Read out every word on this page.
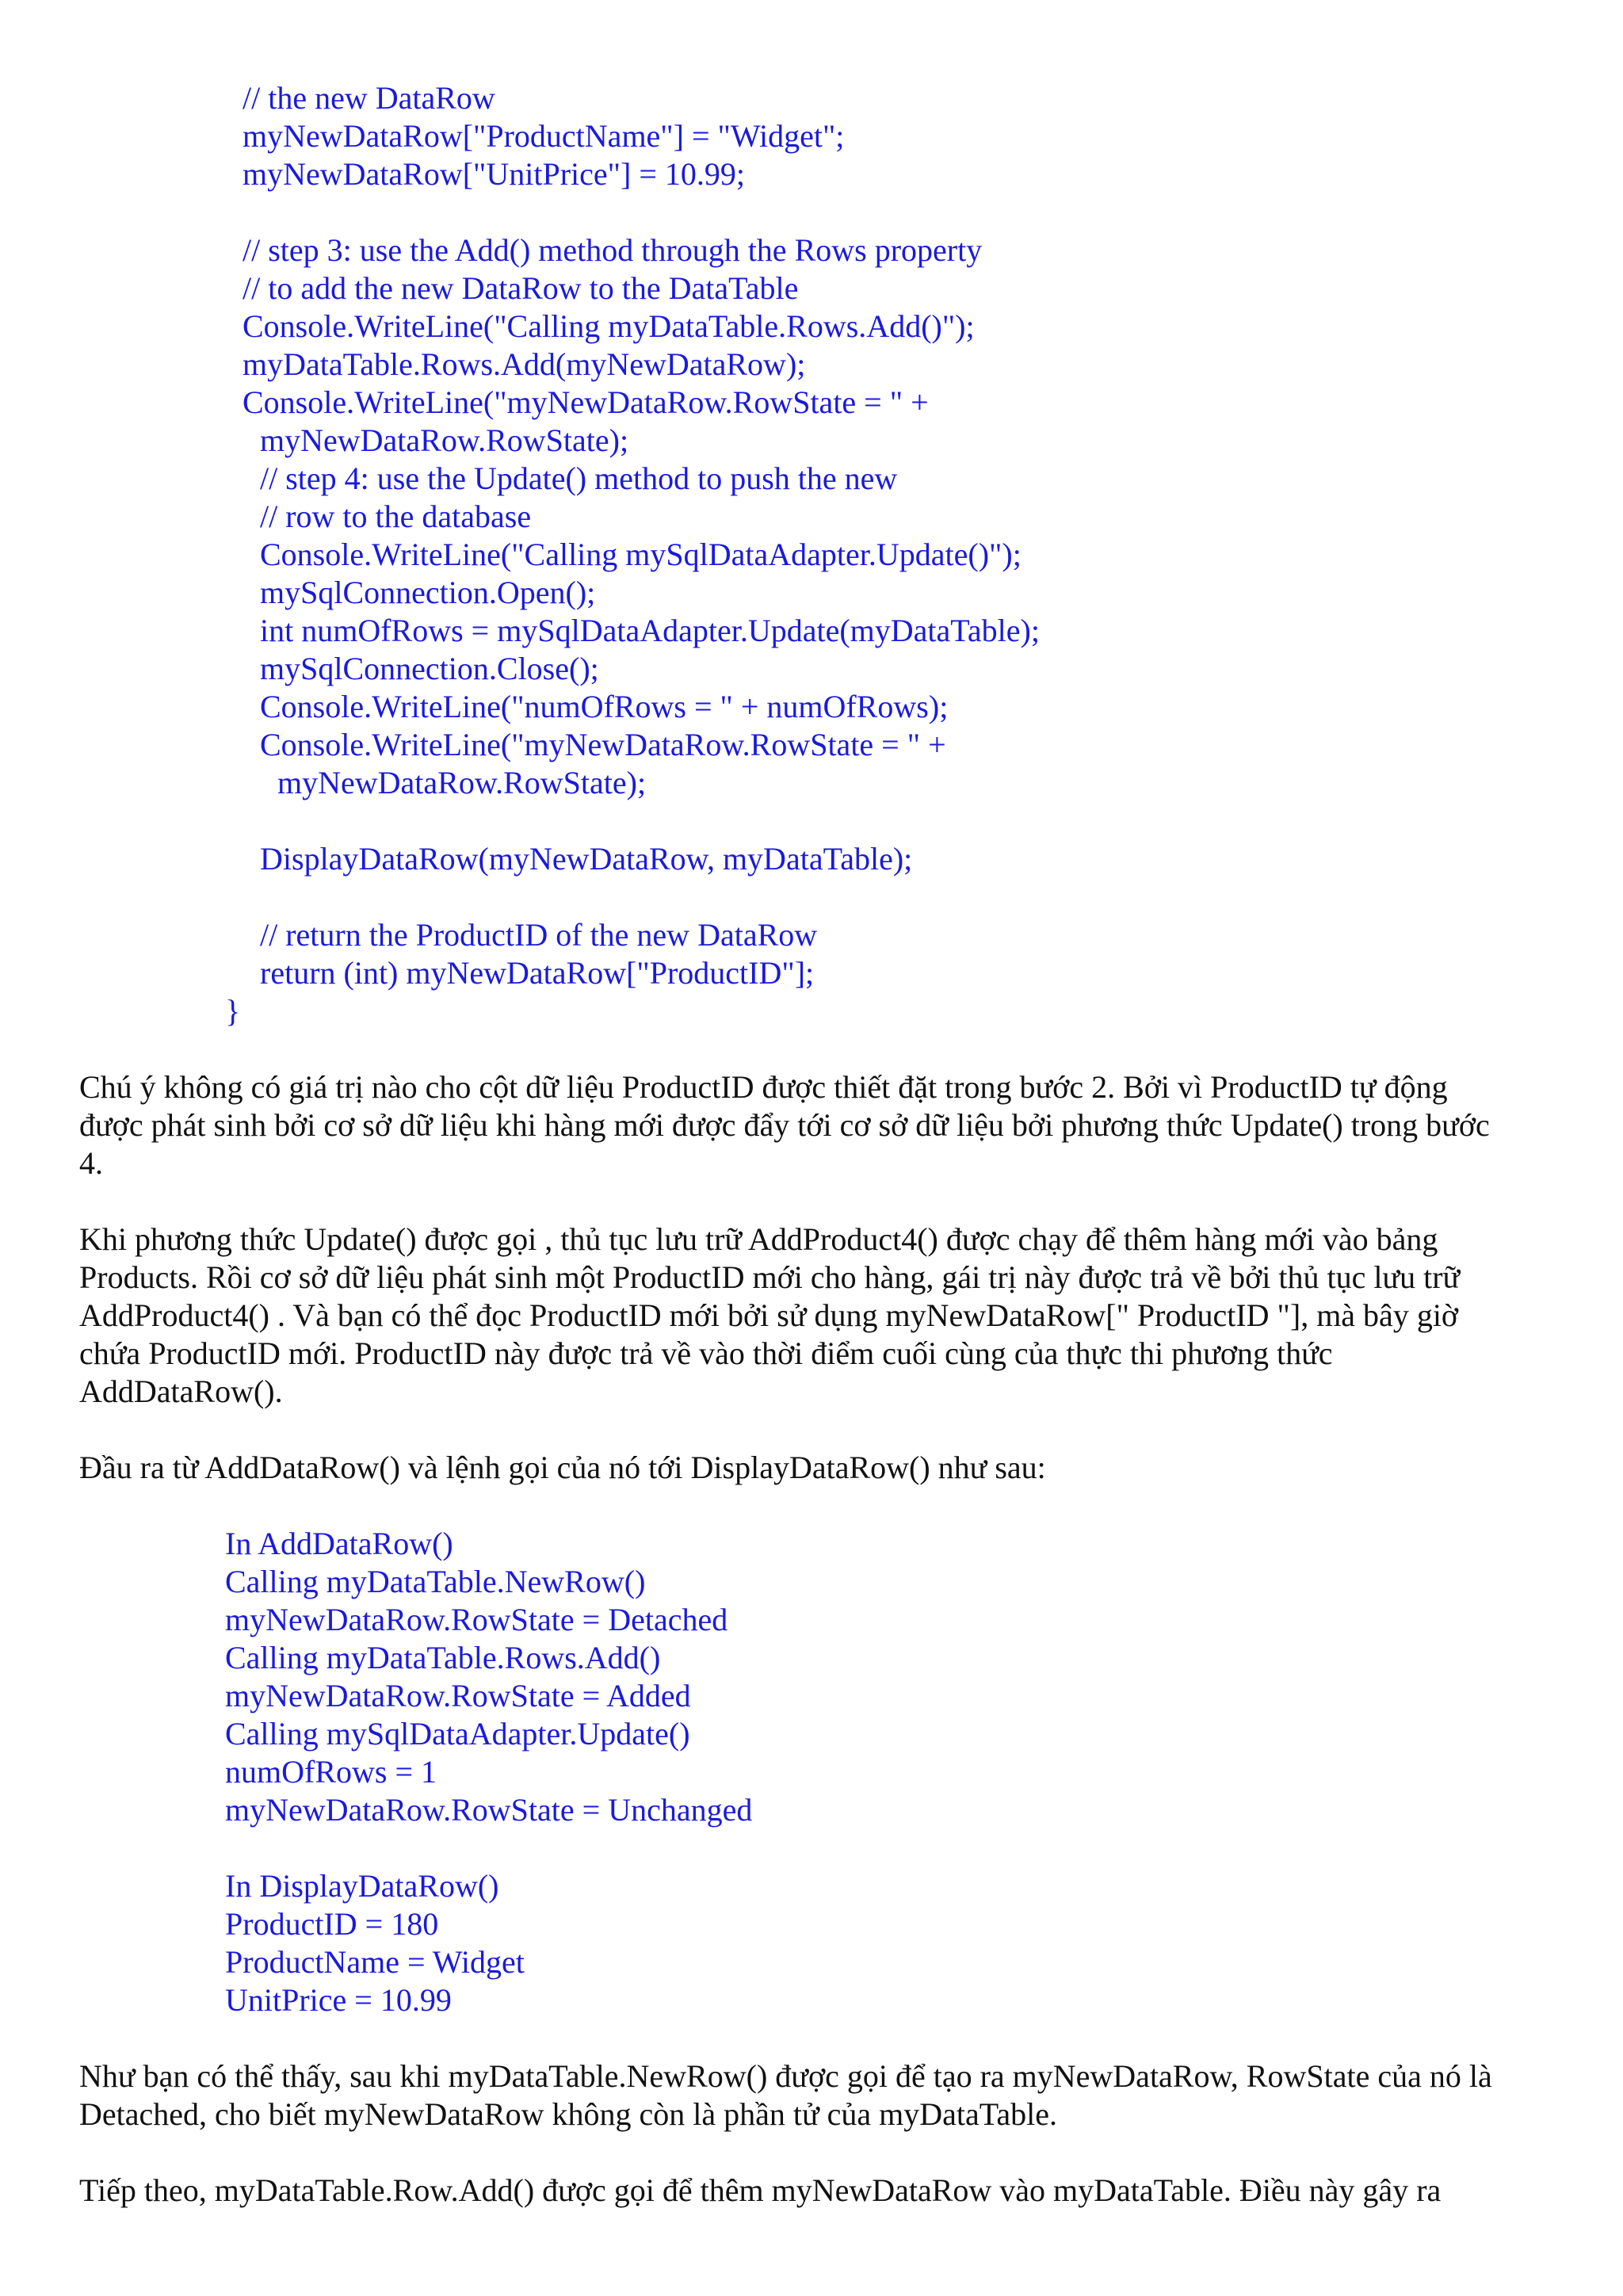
// the new DataRow

myNewDataRow["ProductName"] = "Widget";

myNewDataRow["UnitPrice"] = 10.99;

// step 3: use the Add() method through the Rows property

// to add the new DataRow to the DataTable

Console.WriteLine("Calling myDataTable.Rows.Add()");

myDataTable.Rows.Add(myNewDataRow);

Console.WriteLine("myNewDataRow.RowState = " +

myNewDataRow.RowState);

// step 4: use the Update() method to push the new

// row to the database

Console.WriteLine("Calling mySqlDataAdapter.Update()");

mySqlConnection.Open();

int numOfRows = mySqlDataAdapter.Update(myDataTable);

mySqlConnection.Close();

Console.WriteLine("numOfRows = " + numOfRows);

Console.WriteLine("myNewDataRow.RowState = " +

myNewDataRow.RowState);

DisplayDataRow(myNewDataRow, myDataTable);

// return the ProductID of the new DataRow

return (int) myNewDataRow["ProductID"];

}

Chú ý không có giá trị nào cho cột dữ liệu ProductID được thiết đặt trong bước 2. Bởi vì ProductID tự động

được phát sinh bởi cơ sở dữ liệu khi hàng mới được đẩy tới cơ sở dữ liệu bởi phương thức Update() trong bước

4.

Khi phương thức Update() được gọi , thủ tục lưu trữ AddProduct4() được chạy để thêm hàng mới vào bảng

Products. Rồi cơ sở dữ liệu phát sinh một ProductID mới cho hàng, gái trị này được trả về bởi thủ tục lưu trữ

AddProduct4() . Và bạn có thể đọc ProductID mới bởi sử dụng myNewDataRow[" ProductID "], mà bây giờ

chứa ProductID mới. ProductID này được trả về vào thời điểm cuối cùng của thực thi phương thức

AddDataRow().

Đầu ra từ AddDataRow() và lệnh gọi của nó tới DisplayDataRow() như sau:

In AddDataRow()

Calling myDataTable.NewRow()

myNewDataRow.RowState = Detached

Calling myDataTable.Rows.Add()

myNewDataRow.RowState = Added

Calling mySqlDataAdapter.Update()

numOfRows = 1

myNewDataRow.RowState = Unchanged

In DisplayDataRow()

ProductID = 180

ProductName = Widget

UnitPrice = 10.99

Như bạn có thể thấy, sau khi myDataTable.NewRow() được gọi để tạo ra myNewDataRow, RowState của nó là

Detached, cho biết myNewDataRow không còn là phần tử của myDataTable.

Tiếp theo, myDataTable.Row.Add() được gọi để thêm myNewDataRow vào myDataTable. Điều này gây ra
